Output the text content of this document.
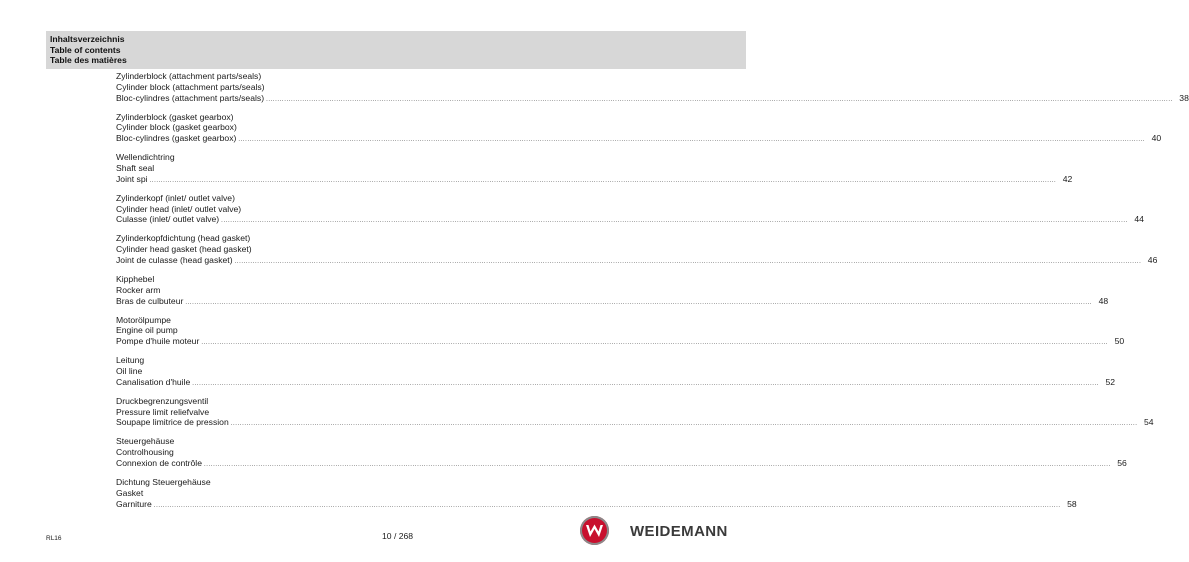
Inhaltsverzeichnis
Table of contents
Table des matières
Zylinderblock (attachment parts/seals)
Cylinder block (attachment parts/seals)
Bloc-cylindres (attachment parts/seals) ................................................................................................................................................................................................................................................................................................................................................................................................................ 38
Zylinderblock (gasket gearbox)
Cylinder block (gasket gearbox)
Bloc-cylindres (gasket gearbox) ................................................................................................................................................................................................................................................................................................................................................................................................................ 40
Wellendichtring
Shaft seal
Joint spi ................................................................................................................................................................................................................................................................................................................................................................................................................ 42
Zylinderkopf (inlet/ outlet valve)
Cylinder head (inlet/ outlet valve)
Culasse (inlet/ outlet valve) ................................................................................................................................................................................................................................................................................................................................................................................................................ 44
Zylinderkopfdichtung (head gasket)
Cylinder head gasket (head gasket)
Joint de culasse (head gasket) ................................................................................................................................................................................................................................................................................................................................................................................................................ 46
Kipphebel
Rocker arm
Bras de culbuteur ................................................................................................................................................................................................................................................................................................................................................................................................................ 48
Motorölpumpe
Engine oil pump
Pompe d'huile moteur ................................................................................................................................................................................................................................................................................................................................................................................................................ 50
Leitung
Oil line
Canalisation d'huile ................................................................................................................................................................................................................................................................................................................................................................................................................ 52
Druckbegrenzungsventil
Pressure limit reliefvalve
Soupape limitrice de pression ................................................................................................................................................................................................................................................................................................................................................................................................................ 54
Steuergehäuse
Controlhousing
Connexion de contrôle ................................................................................................................................................................................................................................................................................................................................................................................................................ 56
Dichtung Steuergehäuse
Gasket
Garniture ................................................................................................................................................................................................................................................................................................................................................................................................................ 58
RL16	10 / 268	WEIDEMANN
